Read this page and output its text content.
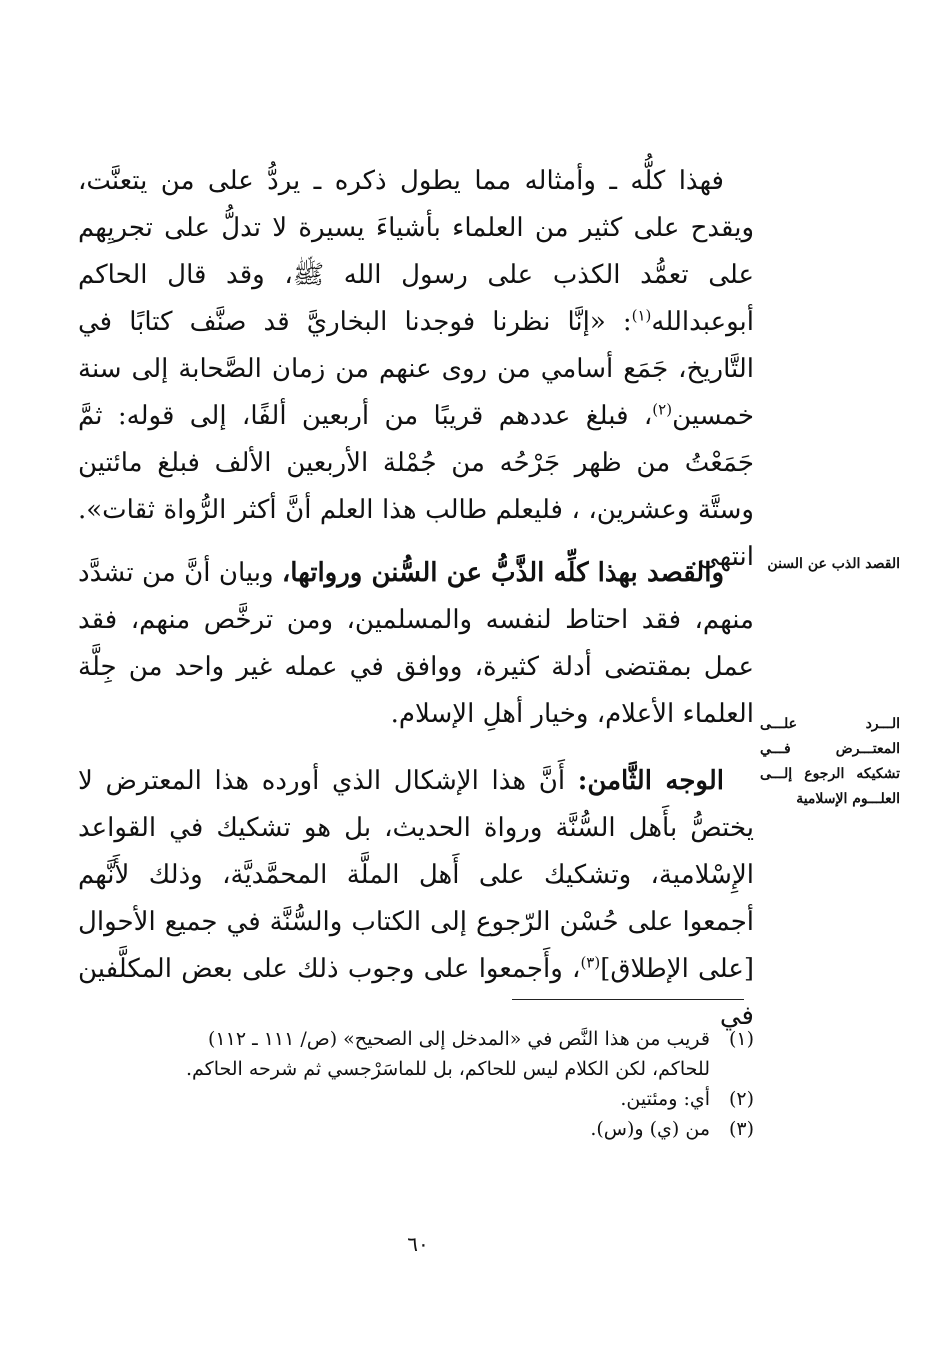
فهذا كلُّه ـ وأمثاله مما يطول ذكره ـ يردُّ على من يتعنَّت، ويقدح على كثير من العلماء بأشياءَ يسيرة لا تدلُّ على تجريِهم على تعمُّد الكذب على رسول الله ﷺ، وقد قال الحاكم أبوعبدالله$^{(١)}$: «إنَّا نظرنا فوجدنا البخاريَّ قد صنَّف كتابًا في التَّاريخ، جَمَع أسامي من روى عنهم من زمان الصَّحابة إلى سنة خمسين$^{(٢)}$، فبلغ عددهم قريبًا من أربعين ألفًا، إلى قوله: ثمَّ جَمَعْتُ من ظهر جَرْحُه من جُمْلة الأربعين الألف فبلغ مائتين وستَّة وعشرين، ، فليعلم طالب هذا العلم أنَّ أكثر الرُّواة ثقات». انتهى. القصد الذب عن السنن

والقصد بهذا كلِّه الذَّبُّ عن السُّنن ورواتها، وبيان أنَّ من تشدَّد منهم، فقد احتاط لنفسه والمسلمين، ومن ترخَّص منهم، فقد عمل بمقتضى أدلة كثيرة، ووافق في عمله غير واحد من جِلَّة العلماء الأعلام، وخيار أهلِ الإسلام. الـــرد علـــى المعتـــرض فـــي تشكيكه الرجوع إلـــى العلـــوم الإسلامية

الوجه الثَّامن: أَنَّ هذا الإشكال الذي أورده هذا المعترض لا يختصُّ بأَهل السُّنَّة ورواة الحديث، بل هو تشكيك في القواعد الإِسْلامية، وتشكيك على أَهل الملَّة المحمَّديَّة، وذلك لأَنَّهم أجمعوا على حُسْن الرّجوع إلى الكتاب والسُّنَّة في جميع الأحوال [على الإطلاق]$^{(٣)}$، وأَجمعوا على وجوب ذلك على بعض المكلَّفين في

(١)
قريب من هذا النَّص في «المدخل إلى الصحيح» (ص/ ١١١ ـ ١١٢)
للحاكم، لكن الكلام ليس للحاكم، بل للماسَرْجسي ثم شرحه الحاكم.
(٢)
أي: ومئتين.
(٣)
من (ي) و(س).
٦٠
